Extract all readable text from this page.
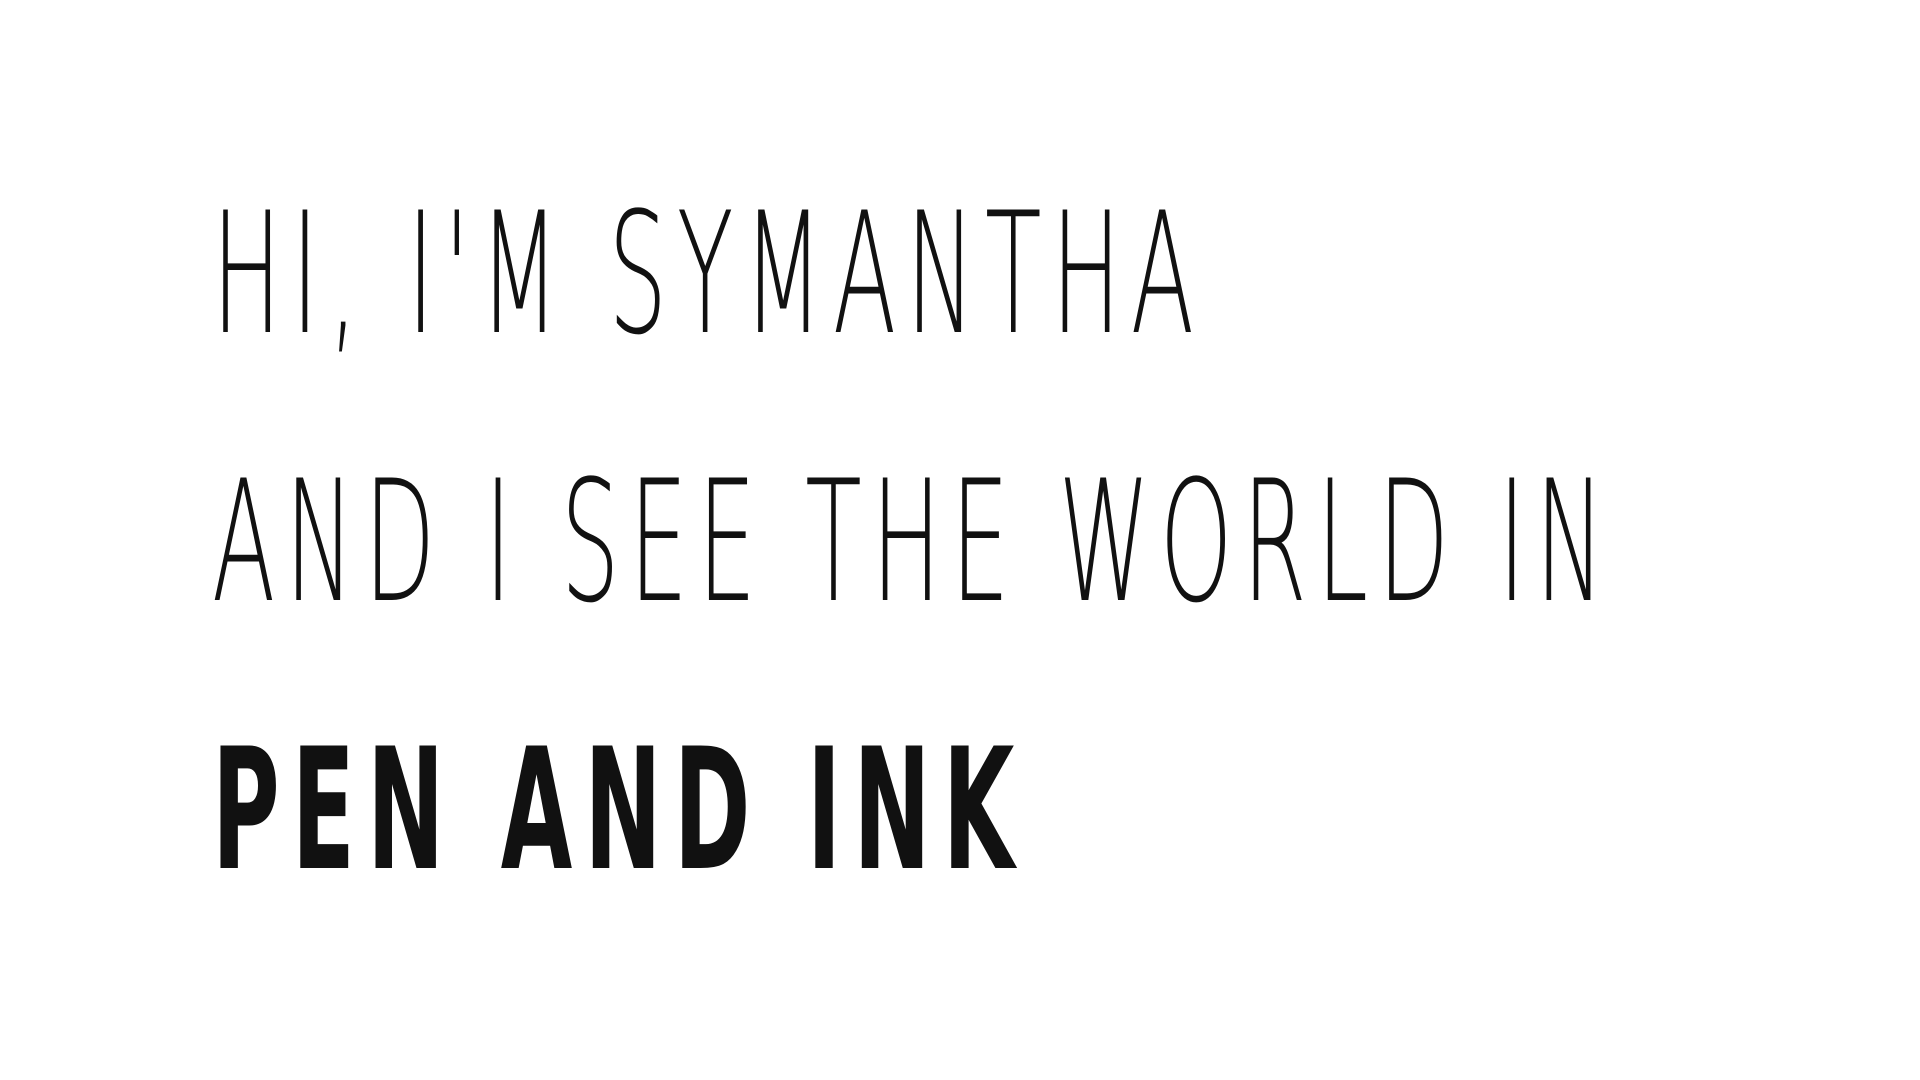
HI, I'M SYMANTHA
AND I SEE THE WORLD IN
PEN AND INK
